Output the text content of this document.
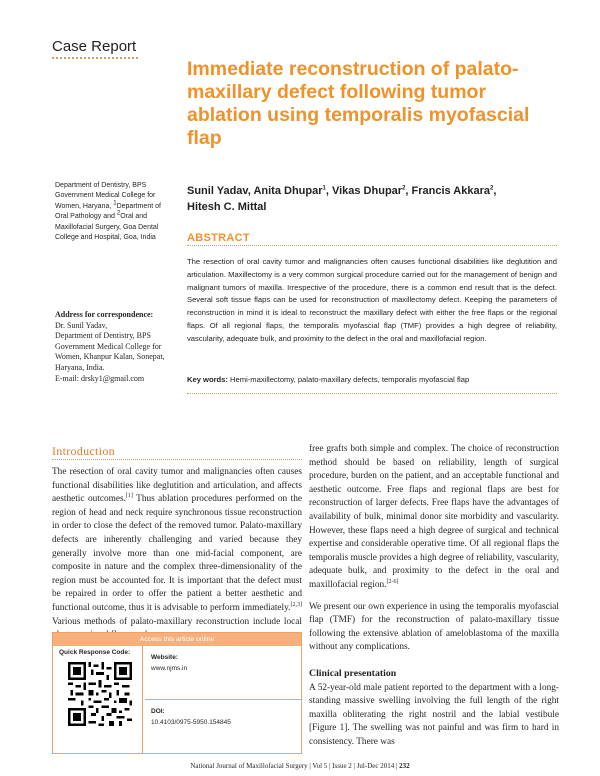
Case Report
Immediate reconstruction of palato-maxillary defect following tumor ablation using temporalis myofascial flap
Department of Dentistry, BPS Government Medical College for Women, Haryana, $^1$Department of Oral Pathology and $^2$Oral and Maxillofacial Surgery, Goa Dental College and Hospital, Goa, India
Address for correspondence:
Dr. Sunil Yadav,
Department of Dentistry, BPS
Government Medical College for
Women, Khanpur Kalan, Sonepat,
Haryana, India.
E-mail: drsky1@gmail.com
Sunil Yadav, Anita Dhupar$^1$, Vikas Dhupar$^2$, Francis Akkara$^2$,
Hitesh C. Mittal
ABSTRACT

The resection of oral cavity tumor and malignancies often causes functional disabilities like deglutition and articulation. Maxillectomy is a very common surgical procedure carried out for the management of benign and malignant tumors of maxilla. Irrespective of the procedure, there is a common end result that is the defect. Several soft tissue flaps can be used for reconstruction of maxillectomy defect. Keeping the parameters of reconstruction in mind it is ideal to reconstruct the maxillary defect with either the free flaps or the regional flaps. Of all regional flaps, the temporalis myofascial flap (TMF) provides a high degree of reliability, vascularity, adequate bulk, and proximity to the defect in the oral and maxillofacial region.

Key words: Hemi-maxillectomy, palato-maxillary defects, temporalis myofascial flap
Introduction

The resection of oral cavity tumor and malignancies often causes functional disabilities like deglutition and articulation, and affects aesthetic outcomes.[1] Thus ablation procedures performed on the region of head and neck require synchronous tissue reconstruction in order to close the defect of the removed tumor. Palato-maxillary defects are inherently challenging and varied because they generally involve more than one mid-facial component, are composite in nature and the complex three-dimensionality of the region must be accounted for. It is important that the defect must be repaired in order to offer the patient a better aesthetic and functional outcome, thus it is advisable to perform immediately.[2,3] Various methods of palato-maxillary reconstruction include local

free grafts both simple and complex. The choice of reconstruction method should be based on reliability, length of surgical procedure, burden on the patient, and an acceptable functional and aesthetic outcome. Free flaps and regional flaps are best for reconstruction of larger defects. Free flaps have the advantages of availability of bulk, minimal donor site morbidity and vascularity. However, these flaps need a high degree of surgical and technical expertise and considerable operative time. Of all regional flaps the temporalis muscle provides a high degree of reliability, vascularity, adequate bulk, and proximity to the defect in the oral and maxillofacial region.[2-6]

We present our own experience in using the temporalis myofascial flap (TMF) for the reconstruction of palato-maxillary tissue following the extensive ablation of ameloblastoma of the maxilla without any complications.

Clinical presentation

A 52-year-old male patient reported to the department with a long-standing massive swelling involving the full length of the right maxilla obliterating the right nostril and the labial vestibule [Figure 1]. The swelling was not painful and was firm to hard in consistency. There was

Access this article online
Quick Response Code:
Website:
www.njms.in
DOI:
10.4103/0975-5950.154845
National Journal of Maxillofacial Surgery | Vol 5 | Issue 2 | Jul-Dec 2014 | 232
